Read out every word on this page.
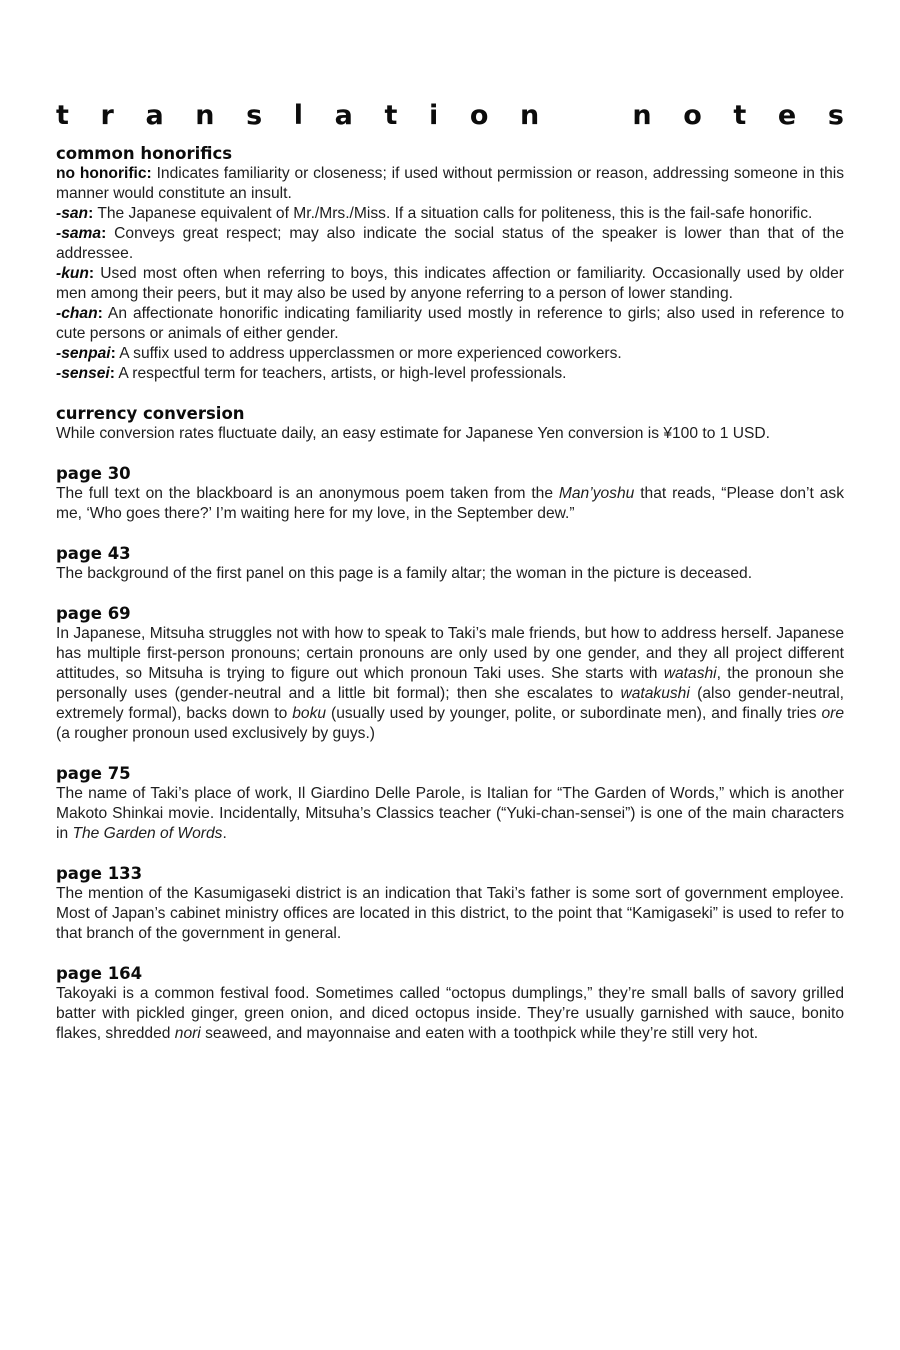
t r a n s l a t i o n	n o t e s
common honorifics

no honorific: Indicates familiarity or closeness; if used without permission or reason, addressing someone in this manner would constitute an insult.

-san: The Japanese equivalent of Mr./Mrs./Miss. If a situation calls for politeness, this is the fail-safe honorific.

-sama: Conveys great respect; may also indicate the social status of the speaker is lower than that of the addressee.

-kun: Used most often when referring to boys, this indicates affection or familiarity. Occasionally used by older men among their peers, but it may also be used by anyone referring to a person of lower standing.

-chan: An affectionate honorific indicating familiarity used mostly in reference to girls; also used in reference to cute persons or animals of either gender.

-senpai: A suffix used to address upperclassmen or more experienced coworkers.

-sensei: A respectful term for teachers, artists, or high-level professionals.

currency conversion

While conversion rates fluctuate daily, an easy estimate for Japanese Yen conversion is ¥100 to 1 USD.

page 30

The full text on the blackboard is an anonymous poem taken from the Man’yoshu that reads, “Please don’t ask me, ‘Who goes there?’ I’m waiting here for my love, in the September dew.”

page 43

The background of the first panel on this page is a family altar; the woman in the picture is deceased.

page 69

In Japanese, Mitsuha struggles not with how to speak to Taki’s male friends, but how to address herself. Japanese has multiple first-person pronouns; certain pronouns are only used by one gender, and they all project different attitudes, so Mitsuha is trying to figure out which pronoun Taki uses. She starts with watashi, the pronoun she personally uses (gender-neutral and a little bit formal); then she escalates to watakushi (also gender-neutral, extremely formal), backs down to boku (usually used by younger, polite, or subordinate men), and finally tries ore (a rougher pronoun used exclusively by guys.)

page 75

The name of Taki’s place of work, Il Giardino Delle Parole, is Italian for “The Garden of Words,” which is another Makoto Shinkai movie. Incidentally, Mitsuha’s Classics teacher (“Yuki-chan-sensei”) is one of the main characters in The Garden of Words.

page 133

The mention of the Kasumigaseki district is an indication that Taki’s father is some sort of government employee. Most of Japan’s cabinet ministry offices are located in this district, to the point that “Kamigaseki” is used to refer to that branch of the government in general.

page 164

Takoyaki is a common festival food. Sometimes called “octopus dumplings,” they’re small balls of savory grilled batter with pickled ginger, green onion, and diced octopus inside. They’re usually garnished with sauce, bonito flakes, shredded nori seaweed, and mayonnaise and eaten with a toothpick while they’re still very hot.
